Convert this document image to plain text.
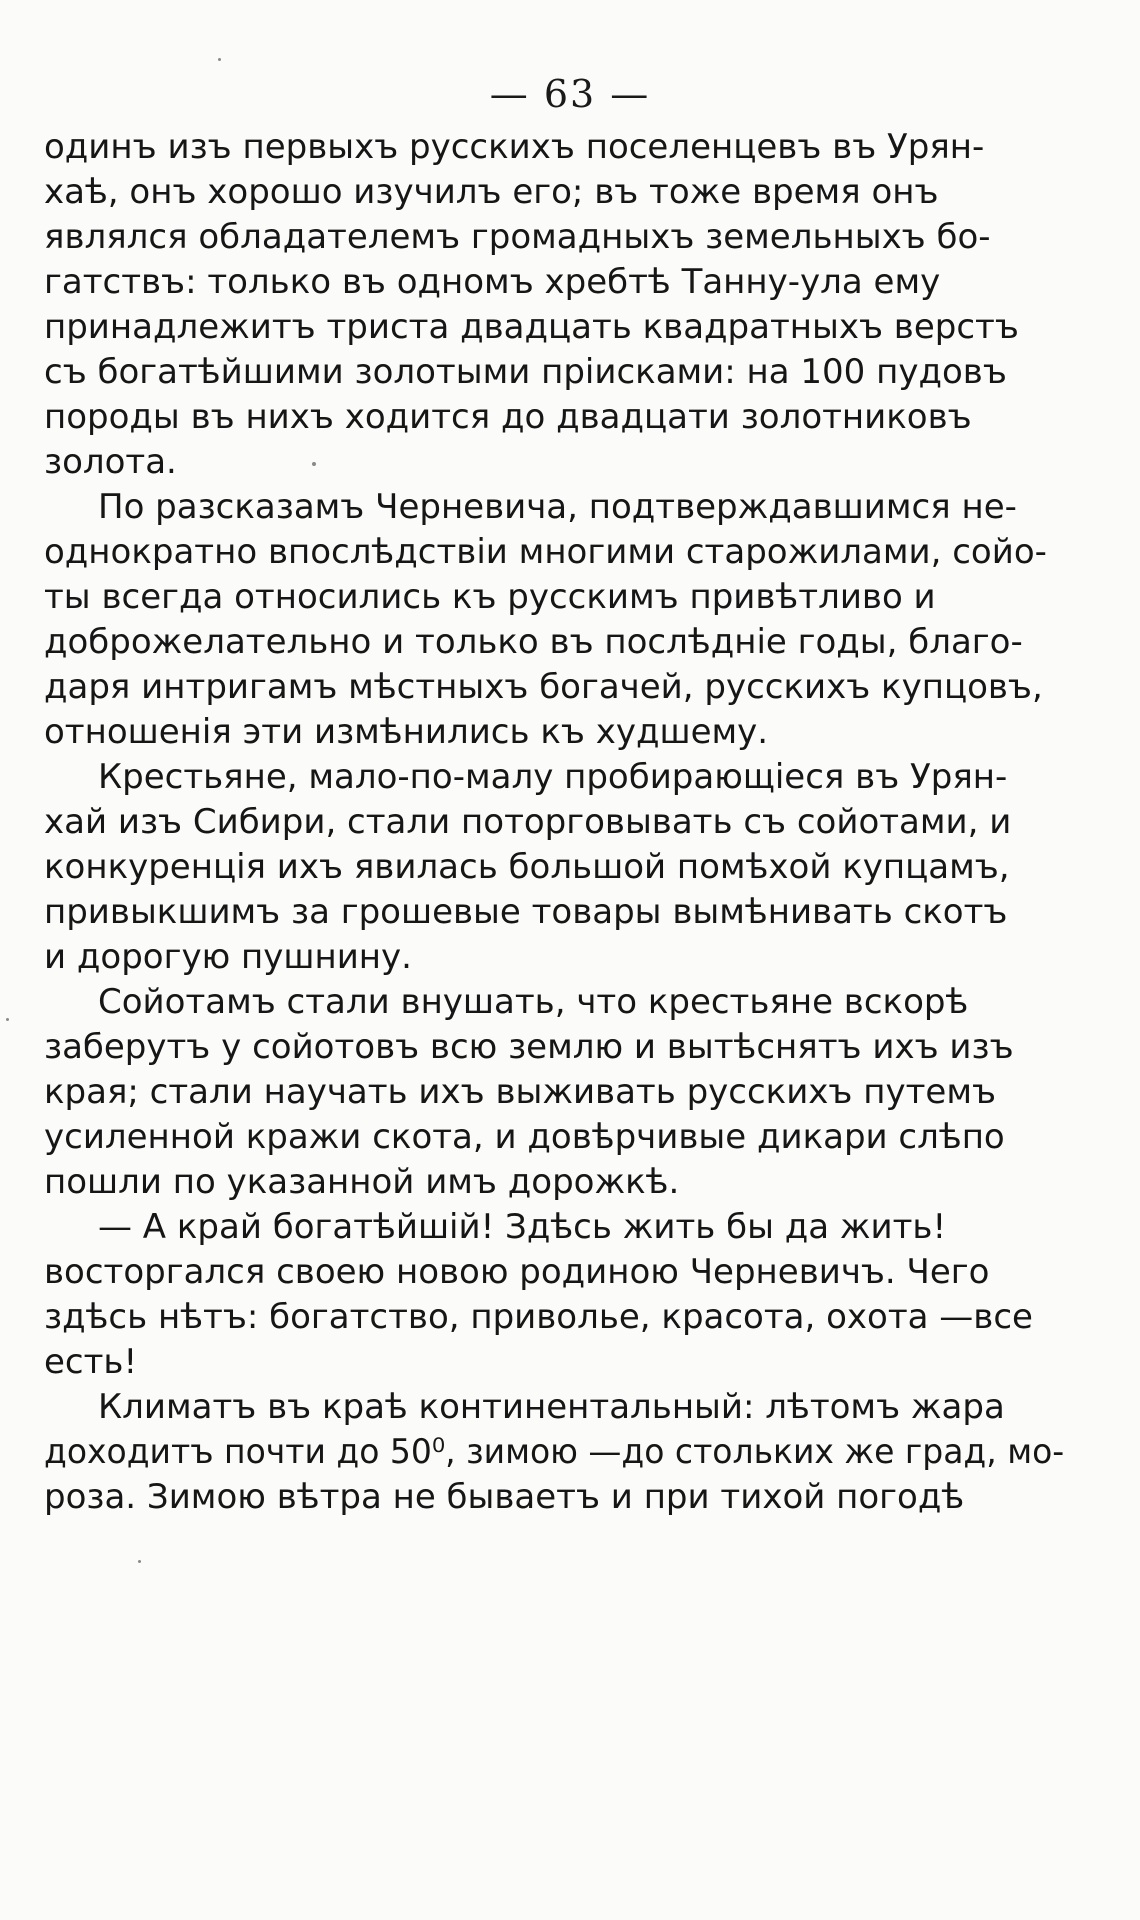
— 63 —
одинъ изъ первыхъ русскихъ поселенцевъ въ Урян-
хаѣ, онъ хорошо изучилъ его; въ тоже время онъ
являлся обладателемъ громадныхъ земельныхъ бо-
гатствъ: только въ одномъ хребтѣ Танну-ула ему
принадлежитъ триста двадцать квадратныхъ верстъ
съ богатѣйшими золотыми прiисками: на 100 пудовъ
породы въ нихъ ходится до двадцати золотниковъ
золота.
По разсказамъ Черневича, подтверждавшимся не-
однократно впослѣдствiи многими старожилами, сойо-
ты всегда относились къ русскимъ привѣтливо и
доброжелательно и только въ послѣднiе годы, благо-
даря интригамъ мѣстныхъ богачей, русскихъ купцовъ,
отношенiя эти измѣнились къ худшему.
Крестьяне, мало-по-малу пробирающiеся въ Урян-
хай изъ Сибири, стали поторговывать съ сойотами, и
конкуренцiя ихъ явилась большой помѣхой купцамъ,
привыкшимъ за грошевые товары вымѣнивать скотъ
и дорогую пушнину.
Сойотамъ стали внушать, что крестьяне вскорѣ
заберутъ у сойотовъ всю землю и вытѣснятъ ихъ изъ
края; стали научать ихъ выживать русскихъ путемъ
усиленной кражи скота, и довѣрчивые дикари слѣпо
пошли по указанной имъ дорожкѣ.
— А край богатѣйшiй! Здѣсь жить бы да жить!
восторгался своею новою родиною Черневичъ. Чего
здѣсь нѣтъ: богатство, приволье, красота, охота —все
есть!
Климатъ въ краѣ континентальный: лѣтомъ жара
доходитъ почти до 50⁰, зимою —до стольких же град, мо-
роза. Зимою вѣтра не бываетъ и при тихой погодѣ
